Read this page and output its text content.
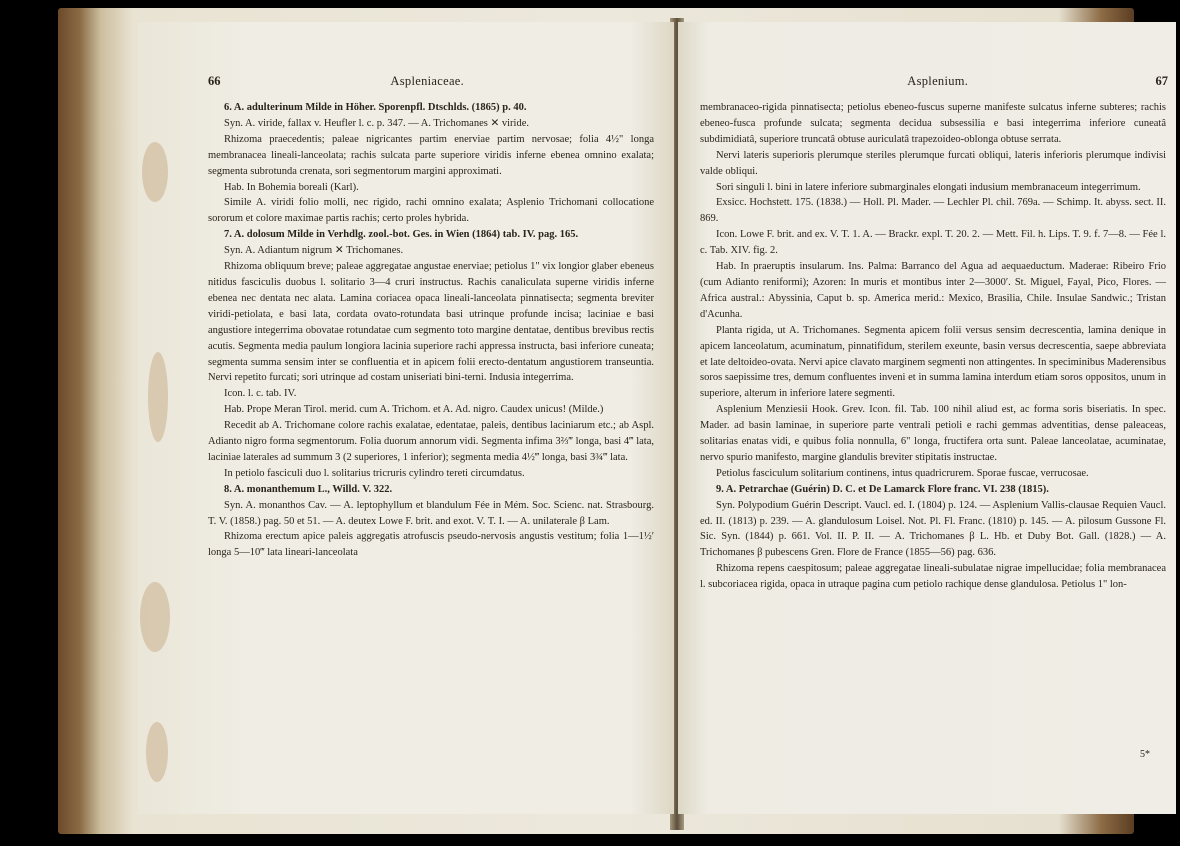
66	Aspleniaceae.

6. A. adulterinum Milde in Höher. Sporenpfl. Dtschlds. (1865) p. 40.

Syn. A. viride, fallax v. Heufler l. c. p. 347. — A. Trichomanes ✕ viride.

Rhizoma praecedentis; paleae nigricantes partim enerviae partim nervosae; folia 4½" longa membranacea lineali-lanceolata; rachis sulcata parte superiore viridis inferne ebenea omnino exalata; segmenta subrotunda crenata, sori segmentorum margini approximati.

Hab. In Bohemia boreali (Karl).

Simile A. viridi folio molli, nec rigido, rachi omnino exalata; Asplenio Trichomani collocatione sororum et colore maximae partis rachis; certo proles hybrida.

7. A. dolosum Milde in Verhdlg. zool.-bot. Ges. in Wien (1864) tab. IV. pag. 165.

Syn. A. Adiantum nigrum ✕ Trichomanes.

Rhizoma obliquum breve; paleae aggregatae angustae enerviae; petiolus 1" vix longior glaber ebeneus nitidus fasciculis duobus l. solitario 3—4 cruri instructus. Rachis canaliculata superne viridis inferne ebenea nec dentata nec alata. Lamina coriacea opaca lineali-lanceolata pinnatisecta; segmenta breviter viridi-petiolata, e basi lata, cordata ovato-rotundata basi utrinque profunde incisa; laciniae e basi angustiore integerrima obovatae rotundatae cum segmento toto margine dentatae, dentibus brevibus rectis acutis. Segmenta media paulum longiora lacinia superiore rachi appressa instructa, basi inferiore cuneata; segmenta summa sensim inter se confluentia et in apicem folii erecto-dentatum angustiorem transeuntia. Nervi repetito furcati; sori utrinque ad costam uniseriati bini-terni. Indusia integerrima.

Icon. l. c. tab. IV.

Hab. Prope Meran Tirol. merid. cum A. Trichom. et A. Ad. nigro. Caudex unicus! (Milde.)

Recedit ab A. Trichomane colore rachis exalatae, edentatae, paleis, dentibus laciniarum etc.; ab Aspl. Adianto nigro forma segmentorum. Folia duorum annorum vidi. Segmenta infima 3⅔‴ longa, basi 4‴ lata, laciniae laterales ad summum 3 (2 superiores, 1 inferior); segmenta media 4½‴ longa, basi 3¾‴ lata.

In petiolo fasciculi duo l. solitarius tricruris cylindro tereti circumdatus.

8. A. monanthemum L., Willd. V. 322.

Syn. A. monanthos Cav. — A. leptophyllum et blandulum Fée in Mém. Soc. Scienc. nat. Strasbourg. T. V. (1858.) pag. 50 et 51. — A. deutex Lowe F. brit. and exot. V. T. I. — A. unilaterale β Lam.

Rhizoma erectum apice paleis aggregatis atrofuscis pseudo-nervosis angustis vestitum; folia 1—1½′ longa 5—10‴ lata lineari-lanceolata

Asplenium.	67

membranaceo-rigida pinnatisecta; petiolus ebeneo-fuscus superne manifeste sulcatus inferne subteres; rachis ebeneo-fusca profunde sulcata; segmenta decidua subsessilia e basi integerrima inferiore cuneatâ subdimidiatâ, superiore truncatâ obtuse auriculatâ trapezoideo-oblonga obtuse serrata.

Nervi lateris superioris plerumque steriles plerumque furcati obliqui, lateris inferioris plerumque indivisi valde obliqui.

Sori singuli l. bini in latere inferiore submarginales elongati indusium membranaceum integerrimum.

Exsicc. Hochstett. 175. (1838.) — Holl. Pl. Mader. — Lechler Pl. chil. 769a. — Schimp. It. abyss. sect. II. 869.

Icon. Lowe F. brit. and ex. V. T. 1. A. — Brackr. expl. T. 20. 2. — Mett. Fil. h. Lips. T. 9. f. 7—8. — Fée l. c. Tab. XIV. fig. 2.

Hab. In praeruptis insularum. Ins. Palma: Barranco del Agua ad aequaeductum. Maderae: Ribeiro Frio (cum Adianto reniformi); Azoren: In muris et montibus inter 2—3000′. St. Miguel, Fayal, Pico, Flores. — Africa austral.: Abyssinia, Caput b. sp. America merid.: Mexico, Brasilia, Chile. Insulae Sandwic.; Tristan d'Acunha.

Planta rigida, ut A. Trichomanes. Segmenta apicem folii versus sensim decrescentia, lamina denique in apicem lanceolatum, acuminatum, pinnatifidum, sterilem exeunte, basin versus decrescentia, saepe abbreviata et late deltoideo-ovata. Nervi apice clavato marginem segmenti non attingentes. In speciminibus Maderensibus soros saepissime tres, demum confluentes inveni et in summa lamina interdum etiam soros oppositos, unum in superiore, alterum in inferiore latere segmenti.

Asplenium Menziesii Hook. Grev. Icon. fil. Tab. 100 nihil aliud est, ac forma soris biseriatis. In spec. Mader. ad basin laminae, in superiore parte ventrali petioli e rachi gemmas adventitias, dense paleaceas, solitarias enatas vidi, e quibus folia nonnulla, 6" longa, fructifera orta sunt. Paleae lanceolatae, acuminatae, nervo spurio manifesto, margine glandulis breviter stipitatis instructae.

Petiolus fasciculum solitarium continens, intus quadricrurem. Sporae fuscae, verrucosae.

9. A. Petrarchae (Guérin) D. C. et De Lamarck Flore franc. VI. 238 (1815).

Syn. Polypodium Guérin Descript. Vaucl. ed. I. (1804) p. 124. — Asplenium Vallis-clausae Requien Vaucl. ed. II. (1813) p. 239. — A. glandulosum Loisel. Not. Pl. Fl. Franc. (1810) p. 145. — A. pilosum Gussone Fl. Sic. Syn. (1844) p. 661. Vol. II. P. II. — A. Trichomanes β L. Hb. et Duby Bot. Gall. (1828.) — A. Trichomanes β pubescens Gren. Flore de France (1855—56) pag. 636.

Rhizoma repens caespitosum; paleae aggregatae lineali-subulatae nigrae impellucidae; folia membranacea l. subcoriacea rigida, opaca in utraque pagina cum petiolo rachique dense glandulosa. Petiolus 1" lon-

5*
